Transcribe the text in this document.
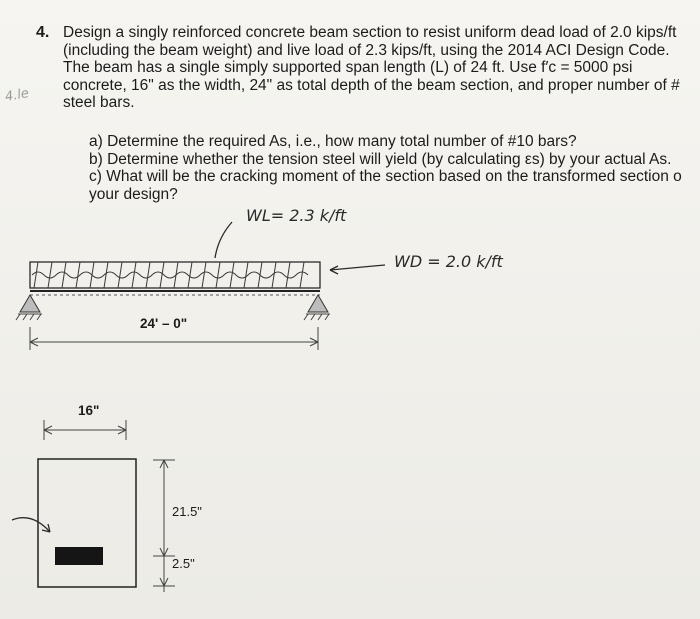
4.le
4. Design a singly reinforced concrete beam section to resist uniform dead load of 2.0 kips/ft
(including the beam weight) and live load of 2.3 kips/ft, using the 2014 ACI Design Code.
The beam has a single simply supported span length (L) of 24 ft. Use f′c = 5000 psi
concrete, 16" as the width, 24" as total depth of the beam section, and proper number of #
steel bars.
a) Determine the required As, i.e., how many total number of #10 bars?
b) Determine whether the tension steel will yield (by calculating εs) by your actual As.
c) What will be the cracking moment of the section based on the transformed section o
your design?
WL= 2.3 k/ft
WD = 2.0 k/ft
24' – 0"
16"
21.5"
2.5"
